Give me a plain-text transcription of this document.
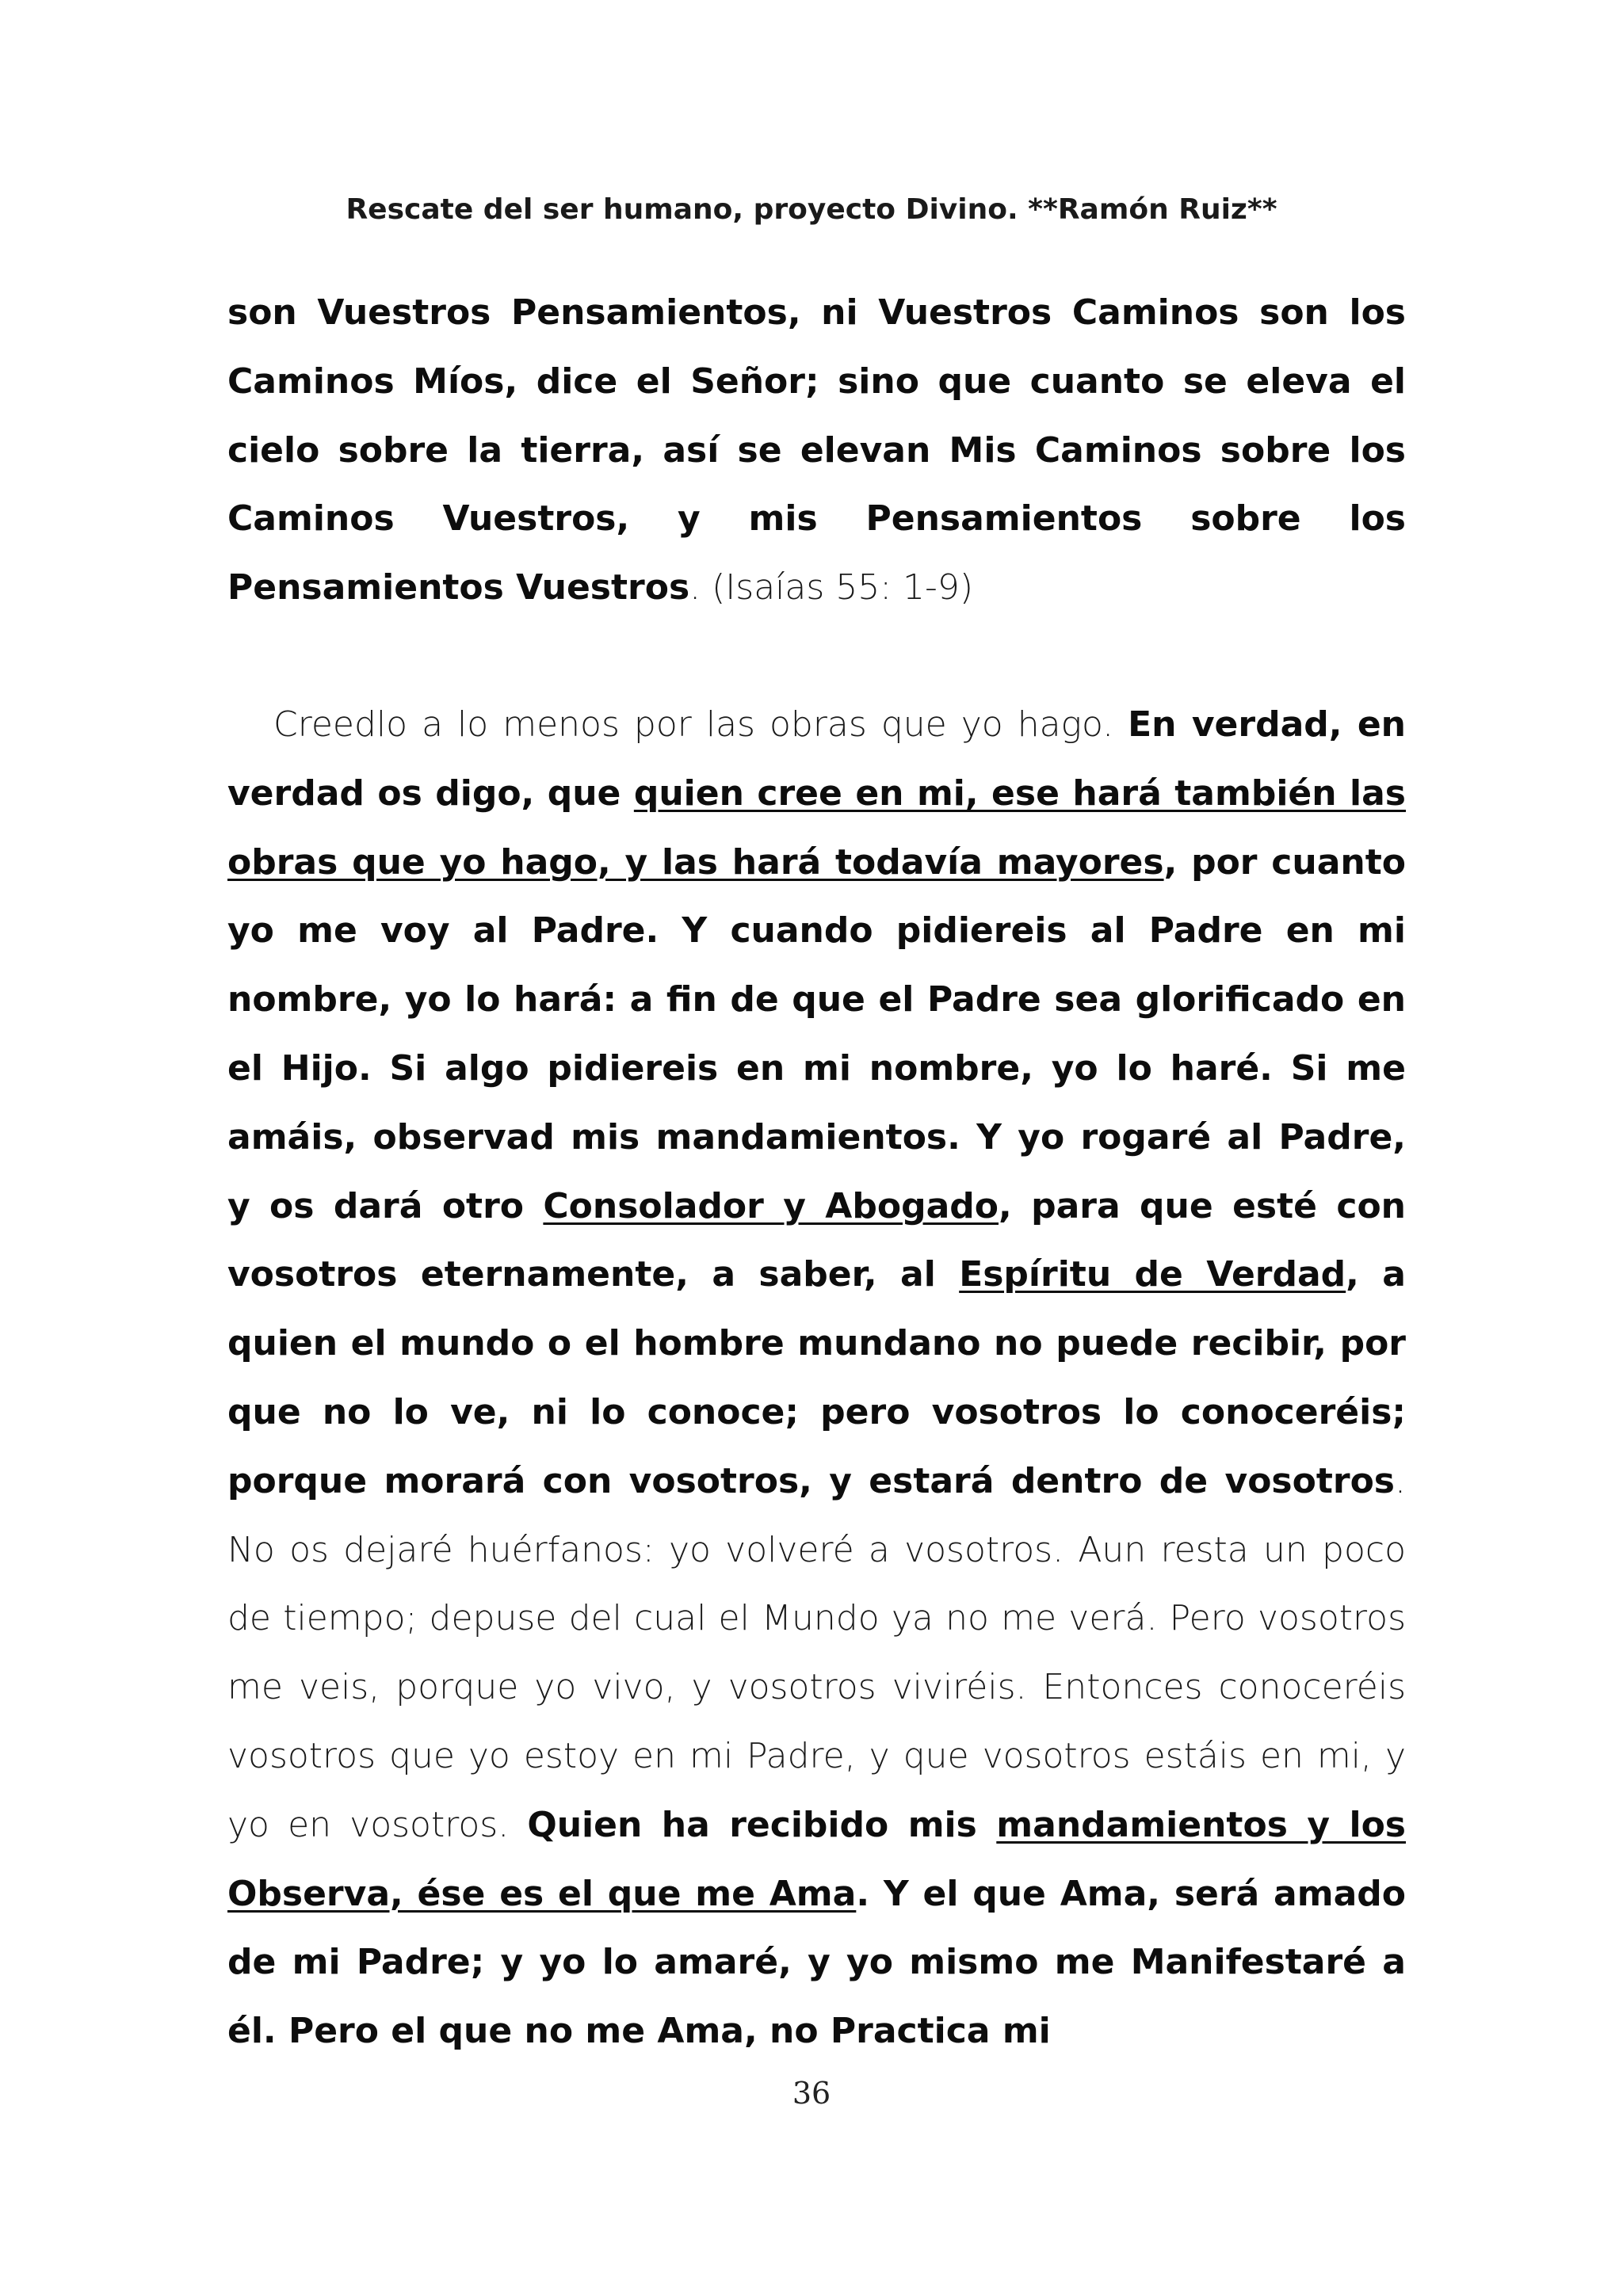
Rescate del ser humano, proyecto Divino. **Ramón Ruiz**
son Vuestros Pensamientos, ni Vuestros Caminos son los Caminos Míos, dice el Señor; sino que cuanto se eleva el cielo sobre la tierra, así se elevan Mis Caminos sobre los Caminos Vuestros, y mis Pensamientos sobre los Pensamientos Vuestros. (Isaías 55: 1-9)
Creedlo a lo menos por las obras que yo hago. En verdad, en verdad os digo, que quien cree en mi, ese hará también las obras que yo hago, y las hará todavía mayores, por cuanto yo me voy al Padre. Y cuando pidiereis al Padre en mi nombre, yo lo hará: a fin de que el Padre sea glorificado en el Hijo. Si algo pidiereis en mi nombre, yo lo haré. Si me amáis, observad mis mandamientos. Y yo rogaré al Padre, y os dará otro Consolador y Abogado, para que esté con vosotros eternamente, a saber, al Espíritu de Verdad, a quien el mundo o el hombre mundano no puede recibir, por que no lo ve, ni lo conoce; pero vosotros lo conoceréis; porque morará con vosotros, y estará dentro de vosotros. No os dejaré huérfanos: yo volveré a vosotros. Aun resta un poco de tiempo; depuse del cual el Mundo ya no me verá. Pero vosotros me veis, porque yo vivo, y vosotros viviréis. Entonces conoceréis vosotros que yo estoy en mi Padre, y que vosotros estáis en mi, y yo en vosotros. Quien ha recibido mis mandamientos y los Observa, ése es el que me Ama. Y el que Ama, será amado de mi Padre; y yo lo amaré, y yo mismo me Manifestaré a él. Pero el que no me Ama, no Practica mi
36
